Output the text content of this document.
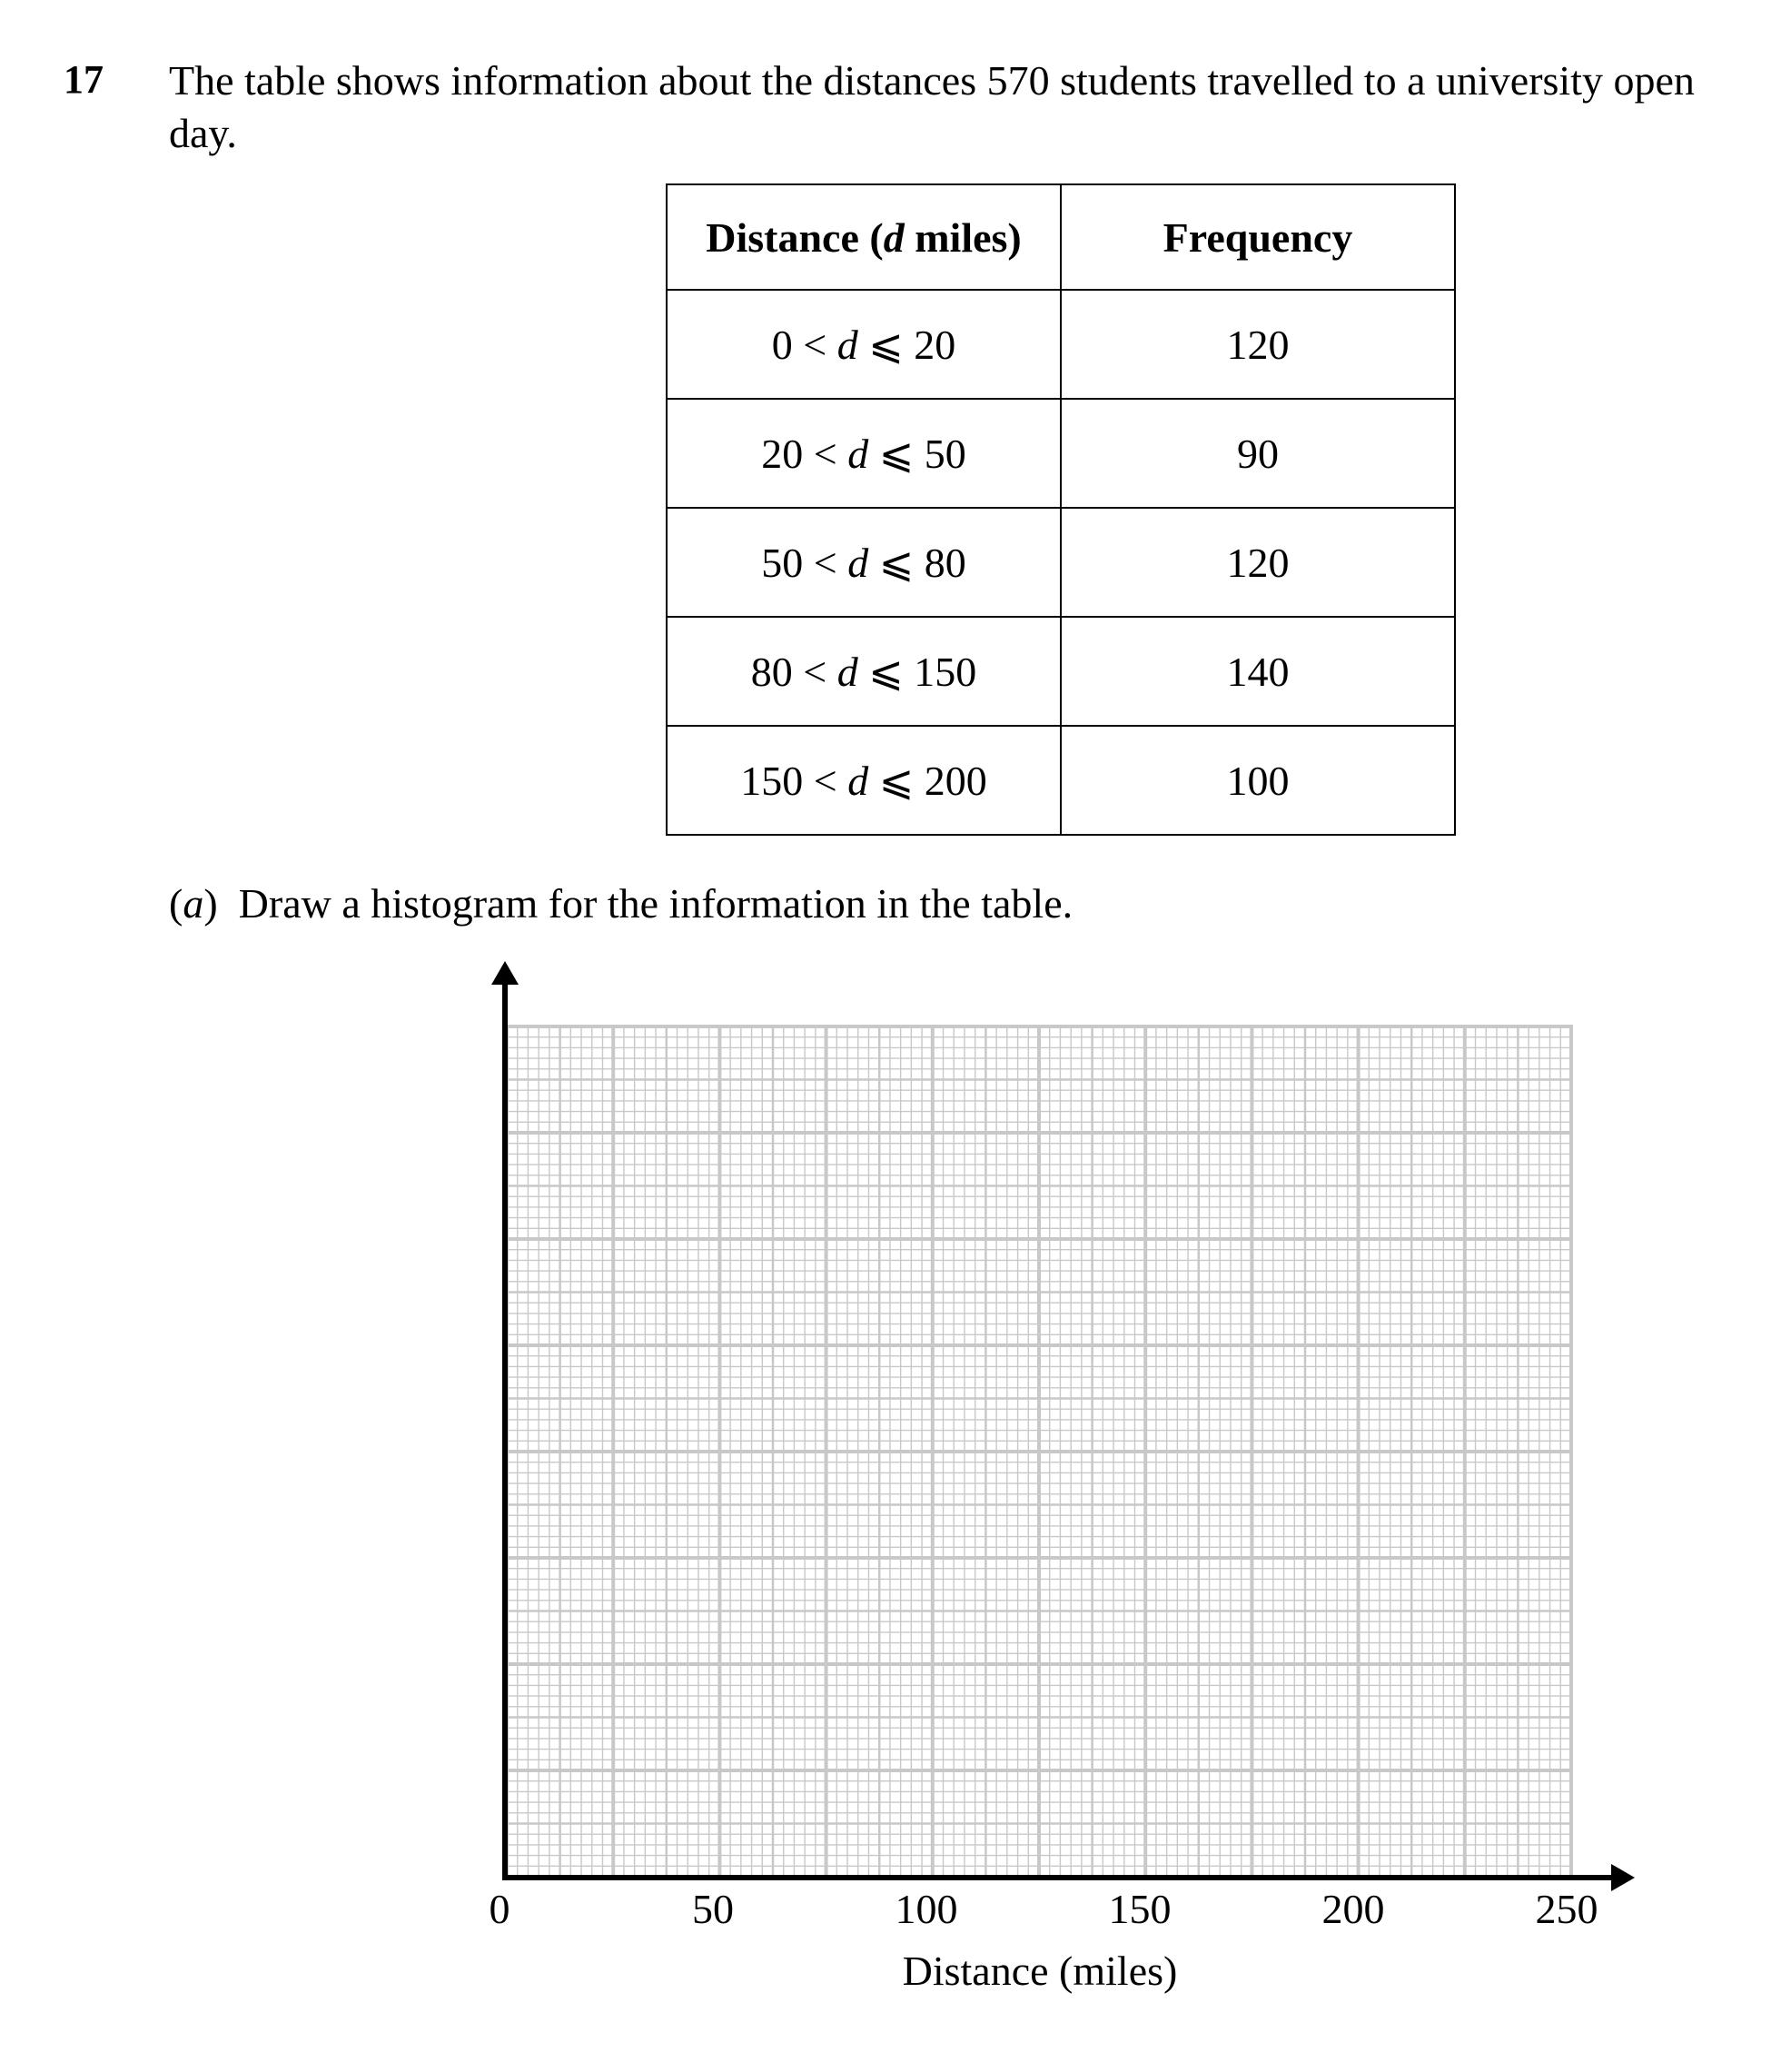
17 The table shows information about the distances 570 students travelled to a university open day.
Distance (d miles)	Frequency
0 < d ⩽ 20	120
20 < d ⩽ 50	90
50 < d ⩽ 80	120
80 < d ⩽ 150	140
150 < d ⩽ 200	100
(a)  Draw a histogram for the information in the table.
0	50	100	150	200	250
Distance (miles)
